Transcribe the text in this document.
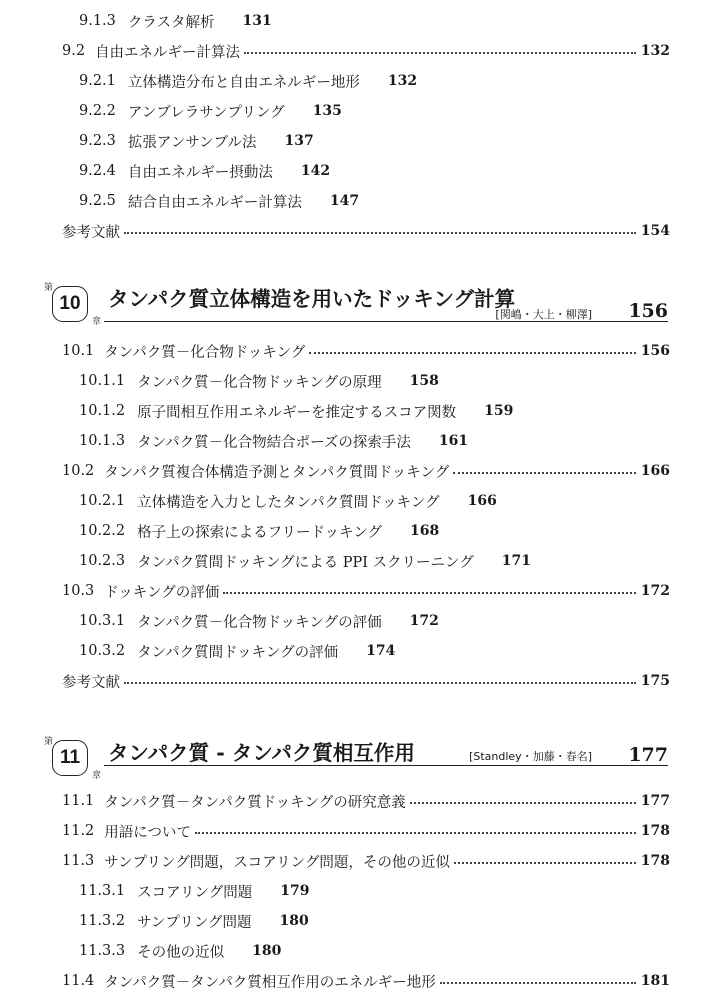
9.1.3 クラスタ解析 131
9.2 自由エネルギー計算法	132
9.2.1 立体構造分布と自由エネルギー地形 132
9.2.2 アンブレラサンプリング 135
9.2.3 拡張アンサンブル法 137
9.2.4 自由エネルギー摂動法 142
9.2.5 結合自由エネルギー計算法 147
参考文献	154
第
10
章
タンパク質立体構造を用いたドッキング計算
[関嶋・大上・柳澤] 156
10.1 タンパク質－化合物ドッキング	156
10.1.1 タンパク質－化合物ドッキングの原理 158
10.1.2 原子間相互作用エネルギーを推定するスコア関数 159
10.1.3 タンパク質－化合物結合ポーズの探索手法 161
10.2 タンパク質複合体構造予測とタンパク質間ドッキング	166
10.2.1 立体構造を入力としたタンパク質間ドッキング 166
10.2.2 格子上の探索によるフリードッキング 168
10.2.3 タンパク質間ドッキングによる PPI スクリーニング 171
10.3 ドッキングの評価	172
10.3.1 タンパク質－化合物ドッキングの評価 172
10.3.2 タンパク質間ドッキングの評価 174
参考文献	175
第
11
章
タンパク質 - タンパク質相互作用	[Standley・加藤・春名] 177
11.1 タンパク質－タンパク質ドッキングの研究意義	177
11.2 用語について	178
11.3 サンプリング問題，スコアリング問題，その他の近似	178
11.3.1 スコアリング問題 179
11.3.2 サンプリング問題 180
11.3.3 その他の近似 180
11.4 タンパク質－タンパク質相互作用のエネルギー地形	181
